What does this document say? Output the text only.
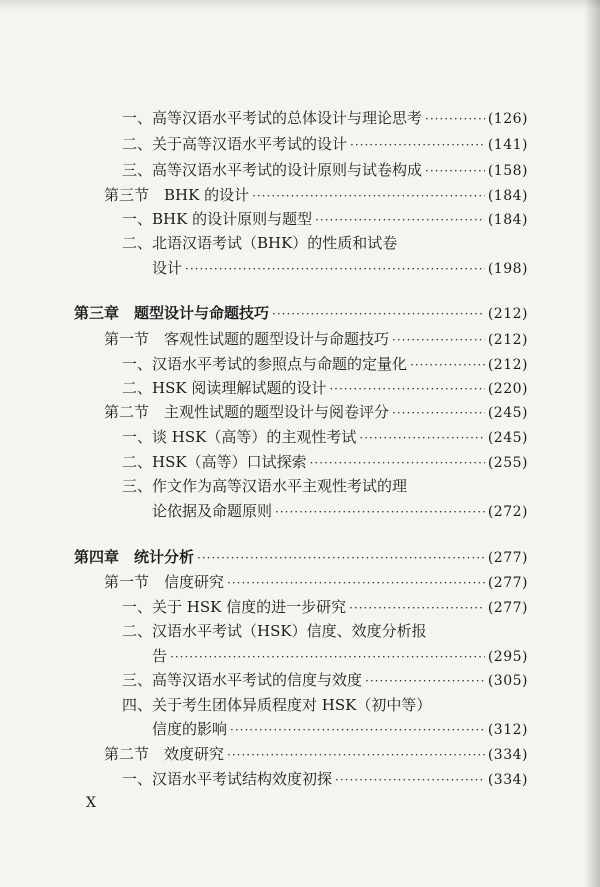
一、高等汉语水平考试的总体设计与理论思考 ·····	(126)
二、关于高等汉语水平考试的设计 ·····	(141)
三、高等汉语水平考试的设计原则与试卷构成 ·····	(158)
第三节　BHK 的设计 ·····	(184)
一、BHK 的设计原则与题型 ·····	(184)
二、北语汉语考试（BHK）的性质和试卷
设计 ·····	(198)
第三章　题型设计与命题技巧 ·····	(212)
第一节　客观性试题的题型设计与命题技巧 ·····	(212)
一、汉语水平考试的参照点与命题的定量化 ·····	(212)
二、HSK 阅读理解试题的设计 ·····	(220)
第二节　主观性试题的题型设计与阅卷评分 ·····	(245)
一、谈 HSK（高等）的主观性考试 ·····	(245)
二、HSK（高等）口试探索 ·····	(255)
三、作文作为高等汉语水平主观性考试的理
论依据及命题原则 ·····	(272)
第四章　统计分析 ·····	(277)
第一节　信度研究 ·····	(277)
一、关于 HSK 信度的进一步研究 ·····	(277)
二、汉语水平考试（HSK）信度、效度分析报
告 ·····	(295)
三、高等汉语水平考试的信度与效度 ·····	(305)
四、关于考生团体异质程度对 HSK（初中等）
信度的影响 ·····	(312)
第二节　效度研究 ·····	(334)
一、汉语水平考试结构效度初探 ·····	(334)
X
